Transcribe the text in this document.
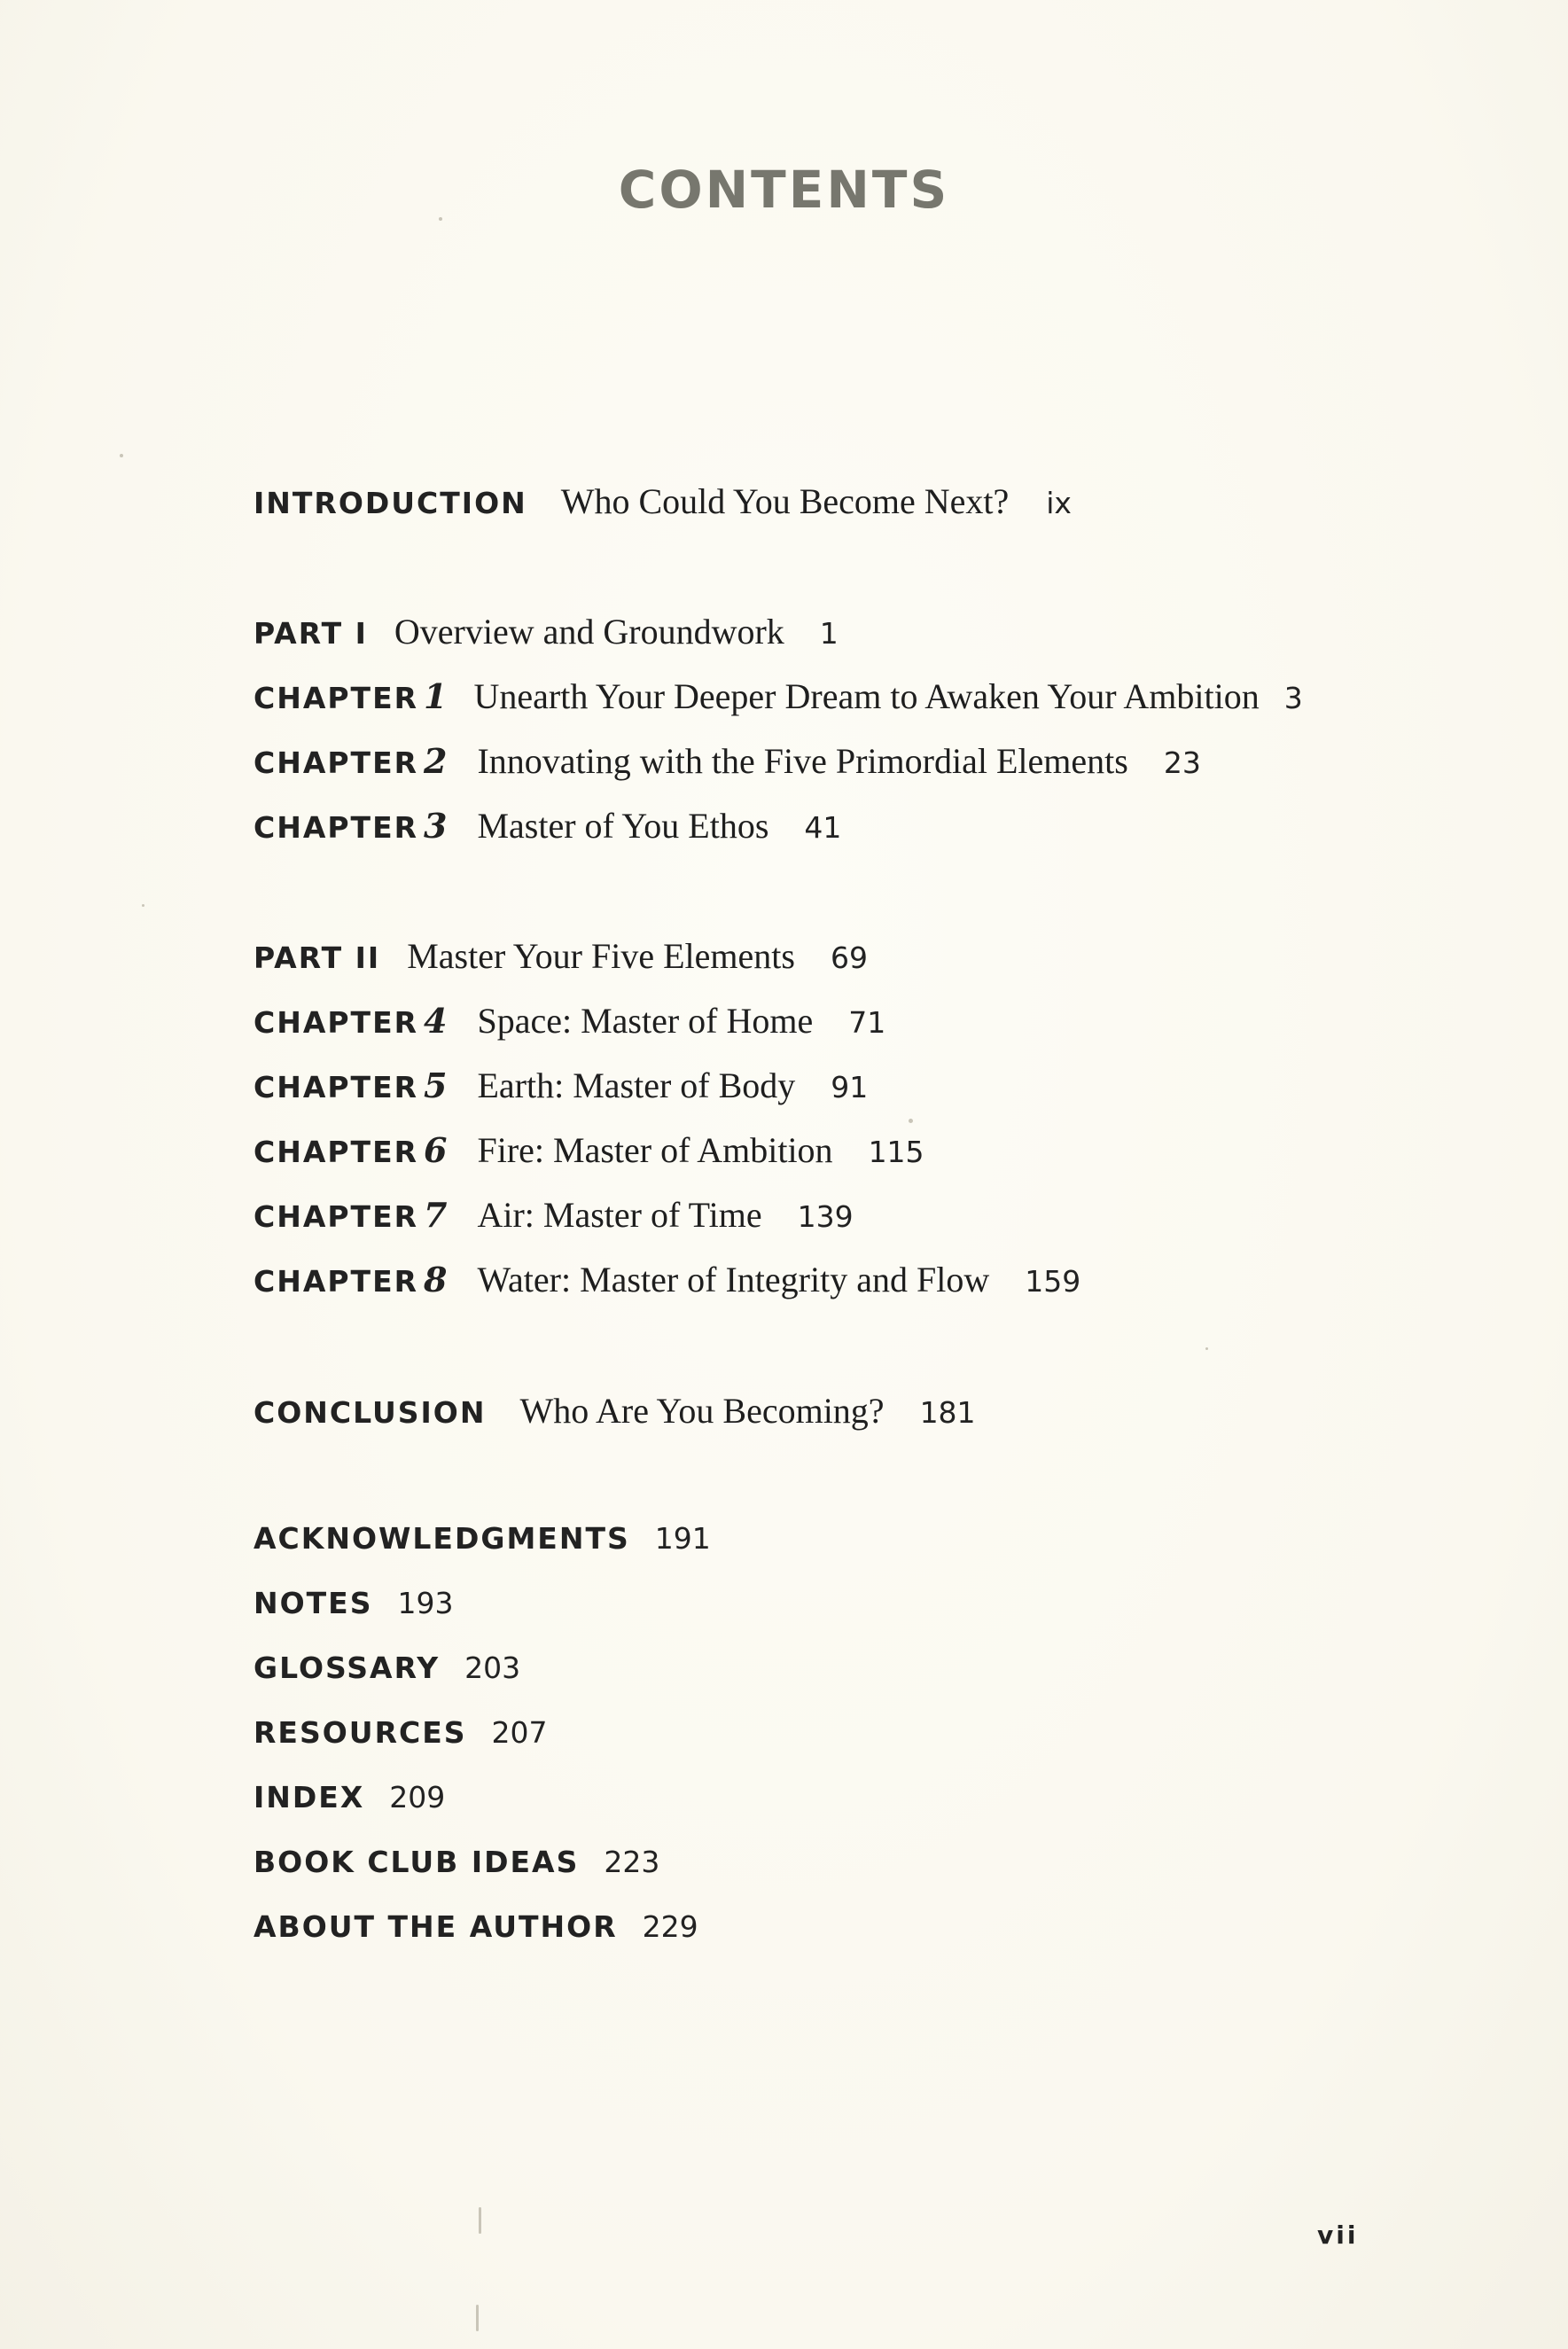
CONTENTS
INTRODUCTION Who Could You Become Next? ix
PART I Overview and Groundwork 1
CHAPTER 1 Unearth Your Deeper Dream to Awaken Your Ambition 3
CHAPTER 2 Innovating with the Five Primordial Elements 23
CHAPTER 3 Master of You Ethos 41
PART II Master Your Five Elements 69
CHAPTER 4 Space: Master of Home 71
CHAPTER 5 Earth: Master of Body 91
CHAPTER 6 Fire: Master of Ambition 115
CHAPTER 7 Air: Master of Time 139
CHAPTER 8 Water: Master of Integrity and Flow 159
CONCLUSION Who Are You Becoming? 181
ACKNOWLEDGMENTS 191
NOTES 193
GLOSSARY 203
RESOURCES 207
INDEX 209
BOOK CLUB IDEAS 223
ABOUT THE AUTHOR 229
vii
